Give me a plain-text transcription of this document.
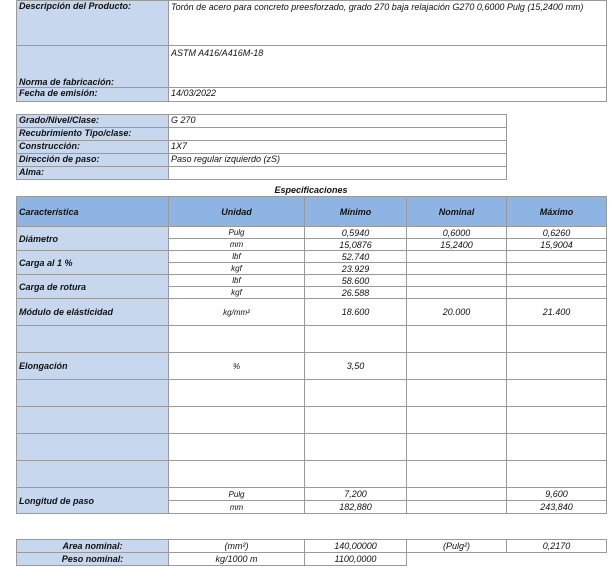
Descripción del Producto:	Torón de acero para concreto preesforzado, grado 270 baja relajación G270 0,6000 Pulg (15,2400 mm)
Norma de fabricación:	ASTM A416/A416M-18
Fecha de emisión:	14/03/2022
Grado/Nivel/Clase:	G 270
Recubrimiento Tipo/clase:	
Construcción:	1X7
Dirección de paso:	Paso regular izquierdo (zS)
Alma:	
Especificaciones
Característica	Unidad	Mínimo	Nominal	Máximo
Diámetro	Pulg	0,5940	0,6000	0,6260
	mm	15,0876	15,2400	15,9004
Carga al 1 %	lbf	52.740		
	kgf	23.929		
Carga de rotura	lbf	58.600		
	kgf	26.588		
Módulo de elásticidad	kg/mm²	18.600	20.000	21.400

Elongación	%	3,50		

Longitud de paso	Pulg	7,200		9,600
	mm	182,880		243,840
Area nominal:	(mm²)	140,00000	(Pulg²)	0,2170
Peso nominal:	kg/1000 m	1100,0000		
